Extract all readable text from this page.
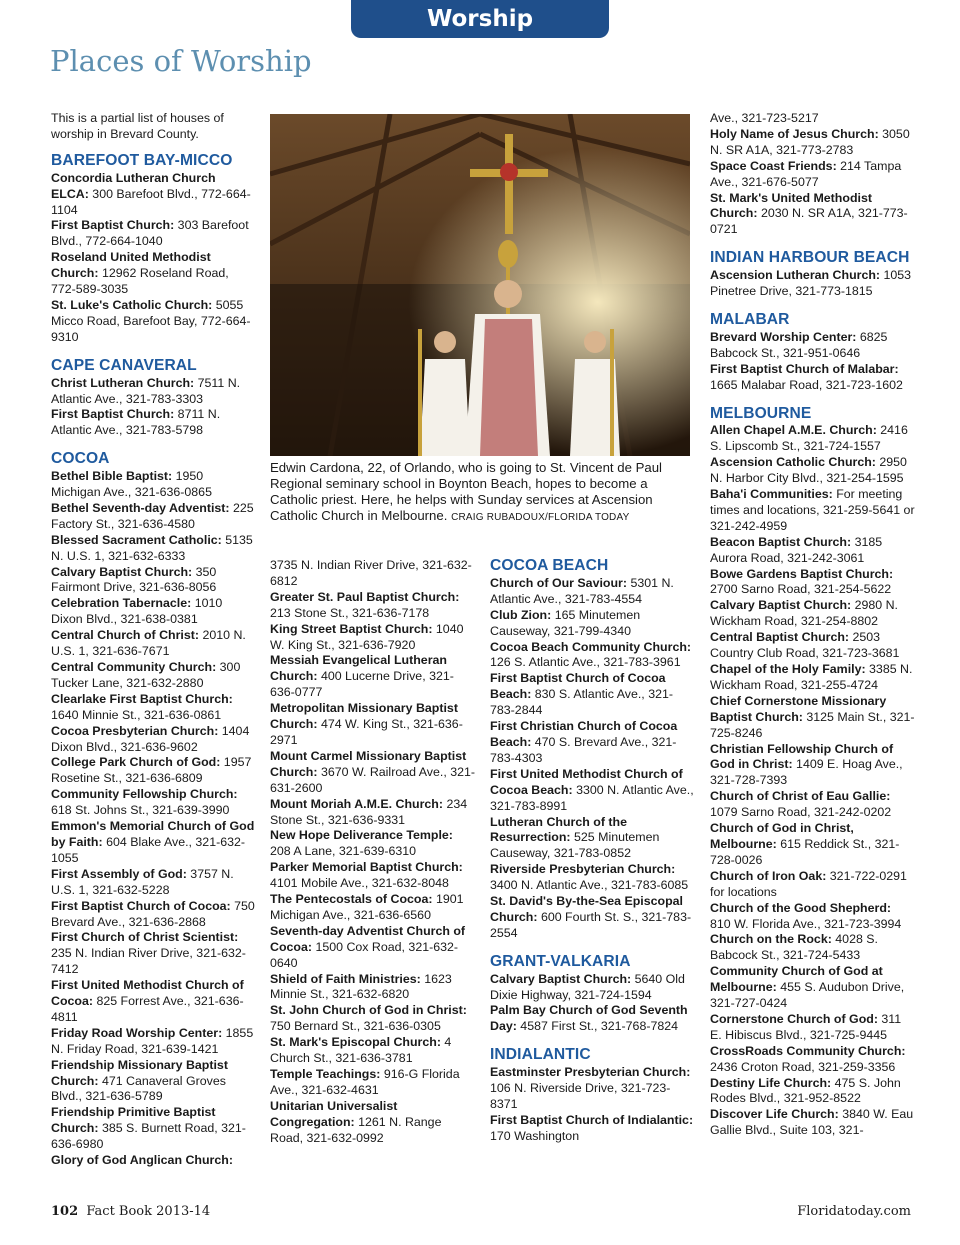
Worship
Places of Worship

This is a partial list of houses of worship in Brevard County.

BAREFOOT BAY-MICCO

Concordia Lutheran Church ELCA: 300 Barefoot Blvd., 772-664-1104

First Baptist Church: 303 Barefoot Blvd., 772-664-1040

Roseland United Methodist Church: 12962 Roseland Road, 772-589-3035

St. Luke's Catholic Church: 5055 Micco Road, Barefoot Bay, 772-664-9310

CAPE CANAVERAL

Christ Lutheran Church: 7511 N. Atlantic Ave., 321-783-3303

First Baptist Church: 8711 N. Atlantic Ave., 321-783-5798

COCOA

Bethel Bible Baptist: 1950 Michigan Ave., 321-636-0865

Bethel Seventh-day Adventist: 225 Factory St., 321-636-4580

Blessed Sacrament Catholic: 5135 N. U.S. 1, 321-632-6333

Calvary Baptist Church: 350 Fairmont Drive, 321-636-8056

Celebration Tabernacle: 1010 Dixon Blvd., 321-638-0381

Central Church of Christ: 2010 N. U.S. 1, 321-636-7671

Central Community Church: 300 Tucker Lane, 321-632-2880

Clearlake First Baptist Church: 1640 Minnie St., 321-636-0861

Cocoa Presbyterian Church: 1404 Dixon Blvd., 321-636-9602

College Park Church of God: 1957 Rosetine St., 321-636-6809

Community Fellowship Church: 618 St. Johns St., 321-639-3990

Emmon's Memorial Church of God by Faith: 604 Blake Ave., 321-632-1055

First Assembly of God: 3757 N. U.S. 1, 321-632-5228

First Baptist Church of Cocoa: 750 Brevard Ave., 321-636-2868

First Church of Christ Scientist: 235 N. Indian River Drive, 321-632-7412

First United Methodist Church of Cocoa: 825 Forrest Ave., 321-636-4811

Friday Road Worship Center: 1855 N. Friday Road, 321-639-1421

Friendship Missionary Baptist Church: 471 Canaveral Groves Blvd., 321-636-5789

Friendship Primitive Baptist Church: 385 S. Burnett Road, 321-636-6980

Glory of God Anglican Church:

Edwin Cardona, 22, of Orlando, who is going to St. Vincent de Paul Regional seminary school in Boynton Beach, hopes to become a Catholic priest. Here, he helps with Sunday services at Ascension Catholic Church in Melbourne. CRAIG RUBADOUX/FLORIDA TODAY

3735 N. Indian River Drive, 321-632-6812

Greater St. Paul Baptist Church: 213 Stone St., 321-636-7178

King Street Baptist Church: 1040 W. King St., 321-636-7920

Messiah Evangelical Lutheran Church: 400 Lucerne Drive, 321-636-0777

Metropolitan Missionary Baptist Church: 474 W. King St., 321-636-2971

Mount Carmel Missionary Baptist Church: 3670 W. Railroad Ave., 321-631-2600

Mount Moriah A.M.E. Church: 234 Stone St., 321-636-9331

New Hope Deliverance Temple: 208 A Lane, 321-639-6310

Parker Memorial Baptist Church: 4101 Mobile Ave., 321-632-8048

The Pentecostals of Cocoa: 1901 Michigan Ave., 321-636-6560

Seventh-day Adventist Church of Cocoa: 1500 Cox Road, 321-632-0640

Shield of Faith Ministries: 1623 Minnie St., 321-632-6820

St. John Church of God in Christ: 750 Bernard St., 321-636-0305

St. Mark's Episcopal Church: 4 Church St., 321-636-3781

Temple Teachings: 916-G Florida Ave., 321-632-4631

Unitarian Universalist Congregation: 1261 N. Range Road, 321-632-0992

COCOA BEACH

Church of Our Saviour: 5301 N. Atlantic Ave., 321-783-4554

Club Zion: 165 Minutemen Causeway, 321-799-4340

Cocoa Beach Community Church: 126 S. Atlantic Ave., 321-783-3961

First Baptist Church of Cocoa Beach: 830 S. Atlantic Ave., 321-783-2844

First Christian Church of Cocoa Beach: 470 S. Brevard Ave., 321-783-4303

First United Methodist Church of Cocoa Beach: 3300 N. Atlantic Ave., 321-783-8991

Lutheran Church of the Resurrection: 525 Minutemen Causeway, 321-783-0852

Riverside Presbyterian Church: 3400 N. Atlantic Ave., 321-783-6085

St. David's By-the-Sea Episcopal Church: 600 Fourth St. S., 321-783-2554

GRANT-VALKARIA

Calvary Baptist Church: 5640 Old Dixie Highway, 321-724-1594

Palm Bay Church of God Seventh Day: 4587 First St., 321-768-7824

INDIALANTIC

Eastminster Presbyterian Church: 106 N. Riverside Drive, 321-723-8371

First Baptist Church of Indialantic: 170 Washington

Ave., 321-723-5217

Holy Name of Jesus Church: 3050 N. SR A1A, 321-773-2783

Space Coast Friends: 214 Tampa Ave., 321-676-5077

St. Mark's United Methodist Church: 2030 N. SR A1A, 321-773-0721

INDIAN HARBOUR BEACH

Ascension Lutheran Church: 1053 Pinetree Drive, 321-773-1815

MALABAR

Brevard Worship Center: 6825 Babcock St., 321-951-0646

First Baptist Church of Malabar: 1665 Malabar Road, 321-723-1602

MELBOURNE

Allen Chapel A.M.E. Church: 2416 S. Lipscomb St., 321-724-1557

Ascension Catholic Church: 2950 N. Harbor City Blvd., 321-254-1595

Baha'i Communities: For meeting times and locations, 321-259-5641 or 321-242-4959

Beacon Baptist Church: 3185 Aurora Road, 321-242-3061

Bowe Gardens Baptist Church: 2700 Sarno Road, 321-254-5622

Calvary Baptist Church: 2980 N. Wickham Road, 321-254-8802

Central Baptist Church: 2503 Country Club Road, 321-723-3681

Chapel of the Holy Family: 3385 N. Wickham Road, 321-255-4724

Chief Cornerstone Missionary Baptist Church: 3125 Main St., 321-725-8246

Christian Fellowship Church of God in Christ: 1409 E. Hoag Ave., 321-728-7393

Church of Christ of Eau Gallie: 1079 Sarno Road, 321-242-0202

Church of God in Christ, Melbourne: 615 Reddick St., 321-728-0026

Church of Iron Oak: 321-722-0291 for locations

Church of the Good Shepherd: 810 W. Florida Ave., 321-723-3994

Church on the Rock: 4028 S. Babcock St., 321-724-5433

Community Church of God at Melbourne: 455 S. Audubon Drive, 321-727-0424

Cornerstone Church of God: 311 E. Hibiscus Blvd., 321-725-9445

CrossRoads Community Church: 2436 Croton Road, 321-259-3356

Destiny Life Church: 475 S. John Rodes Blvd., 321-952-8522

Discover Life Church: 3840 W. Eau Gallie Blvd., Suite 103, 321-

102 Fact Book 2013-14	Floridatoday.com
